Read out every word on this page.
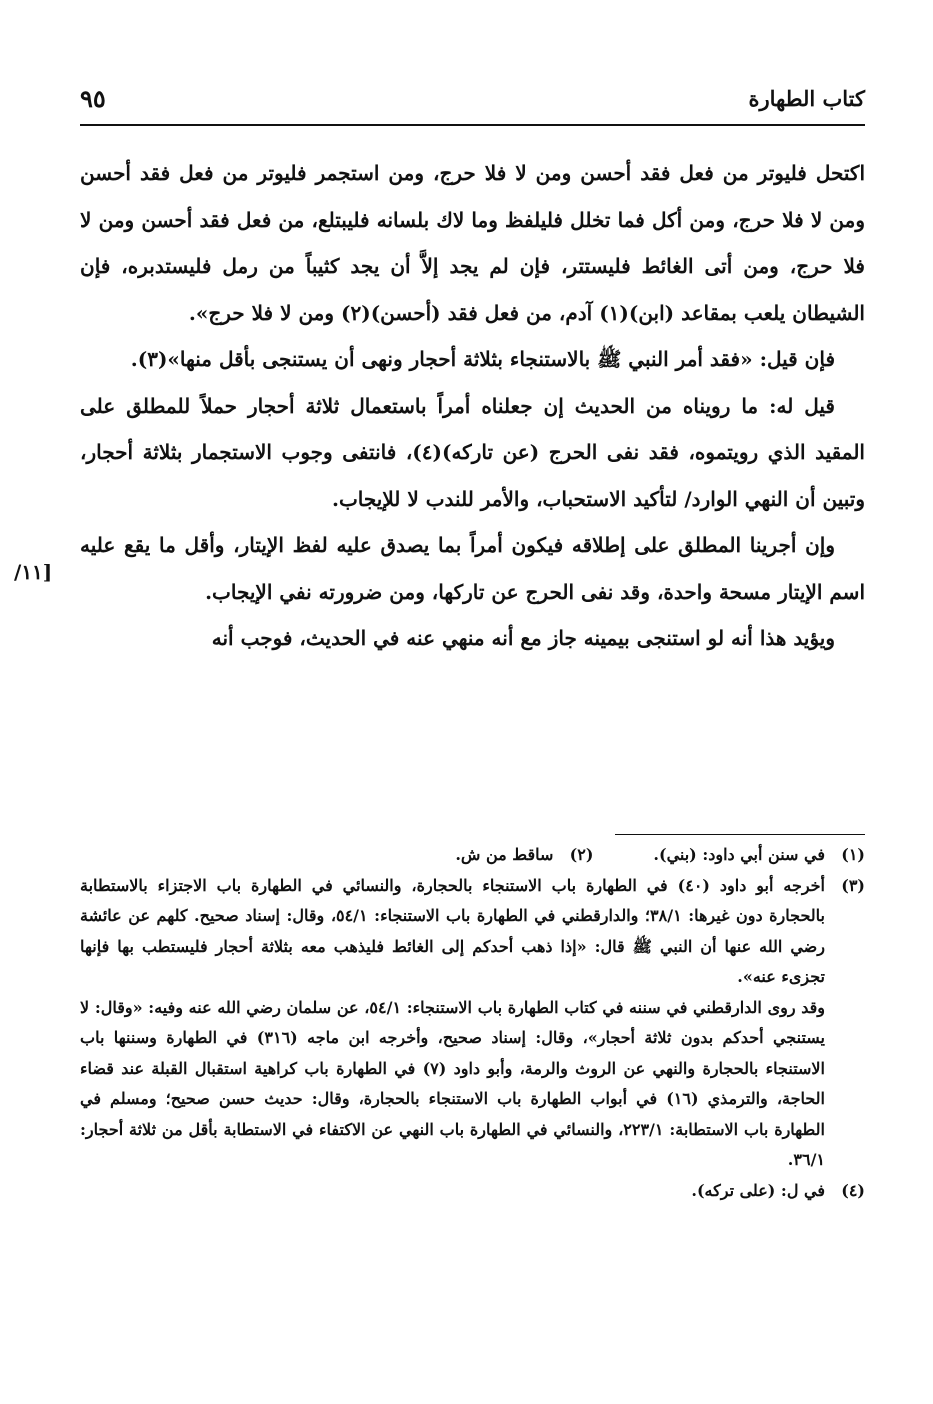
كتاب الطهارة
٩٥

اكتحل فليوتر من فعل فقد أحسن ومن لا فلا حرج، ومن استجمر فليوتر من فعل فقد أحسن ومن لا فلا حرج، ومن أكل فما تخلل فليلفظ وما لاك بلسانه فليبتلع، من فعل فقد أحسن ومن لا فلا حرج، ومن أتى الغائط فليستتر، فإن لم يجد إلاَّ أن يجد كثيباً من رمل فليستدبره، فإن الشيطان يلعب بمقاعد (ابن)(١) آدم، من فعل فقد (أحسن)(٢) ومن لا فلا حرج».

فإن قيل: «فقد أمر النبي ﷺ بالاستنجاء بثلاثة أحجار ونهى أن يستنجى بأقل منها»(٣).

قيل له: ما رويناه من الحديث إن جعلناه أمراً باستعمال ثلاثة أحجار حملاً للمطلق على المقيد الذي رويتموه، فقد نفى الحرج (عن تاركه)(٤)، فانتفى وجوب الاستجمار بثلاثة أحجار، وتبين أن النهي الوارد/ لتأكيد الاستحباب، والأمر للندب لا للإيجاب.

وإن أجرينا المطلق على إطلاقه فيكون أمراً بما يصدق عليه لفظ الإيتار، وأقل ما يقع عليه اسم الإيتار مسحة واحدة، وقد نفى الحرج عن تاركها، ومن ضرورته نفي الإيجاب.

ويؤيد هذا أنه لو استنجى بيمينه جاز مع أنه منهي عنه في الحديث، فوجب أنه

[١١/
(١)
في سنن أبي داود: (بني).
(٢)
ساقط من ش.
(٣)
أخرجه أبو داود (٤٠) في الطهارة باب الاستنجاء بالحجارة، والنسائي في الطهارة باب الاجتزاء بالاستطابة بالحجارة دون غيرها: ٣٨/١؛ والدارقطني في الطهارة باب الاستنجاء: ٥٤/١، وقال: إسناد صحيح. كلهم عن عائشة رضي الله عنها أن النبي ﷺ قال: «إذا ذهب أحدكم إلى الغائط فليذهب معه بثلاثة أحجار فليستطب بها فإنها تجزىء عنه».
وقد روى الدارقطني في سننه في كتاب الطهارة باب الاستنجاء: ٥٤/١، عن سلمان رضي الله عنه وفيه: «وقال: لا يستنجي أحدكم بدون ثلاثة أحجار»، وقال: إسناد صحيح، وأخرجه ابن ماجه (٣١٦) في الطهارة وسننها باب الاستنجاء بالحجارة والنهي عن الروث والرمة، وأبو داود (٧) في الطهارة باب كراهية استقبال القبلة عند قضاء الحاجة، والترمذي (١٦) في أبواب الطهارة باب الاستنجاء بالحجارة، وقال: حديث حسن صحيح؛ ومسلم في الطهارة باب الاستطابة: ٢٢٣/١، والنسائي في الطهارة باب النهي عن الاكتفاء في الاستطابة بأقل من ثلاثة أحجار: ٣٦/١.
(٤)
في ل: (على تركه).
